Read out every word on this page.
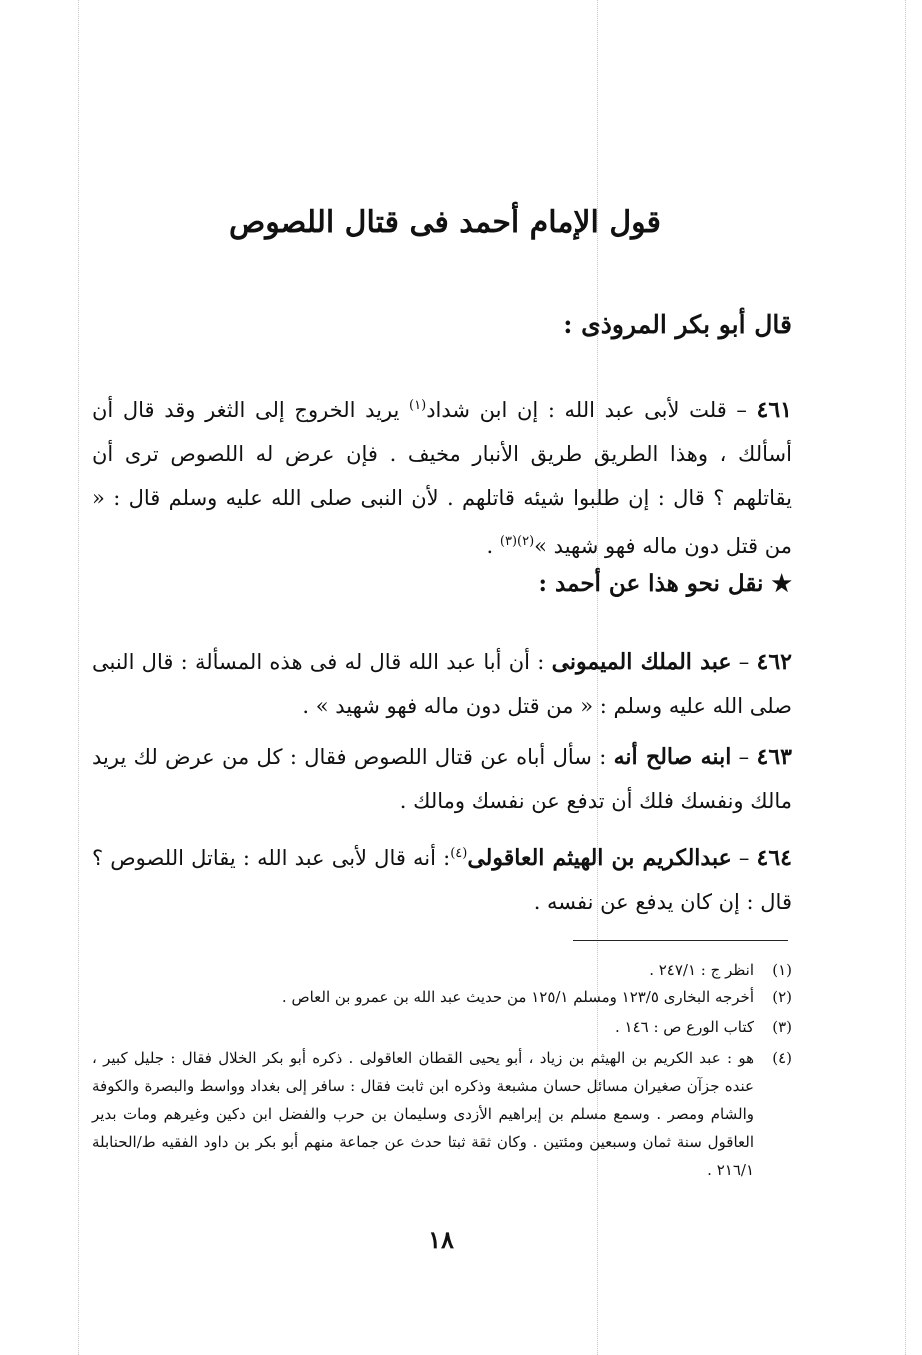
قول الإمام أحمد فى قتال اللصوص
قال أبو بكر المروذى :
٤٦١ – قلت لأبى عبد الله : إن ابن شداد$^{(١)}$ يريد الخروج إلى الثغر وقد قال أن أسألك ، وهذا الطريق طريق الأنبار مخيف . فإن عرض له اللصوص ترى أن يقاتلهم ؟ قال : إن طلبوا شيئه قاتلهم . لأن النبى صلى الله عليه وسلم قال : « من قتل دون ماله فهو شهيد »$^{(٢)(٣)}$ .
★ نقل نحو هذا عن أحمد :
٤٦٢ – عبد الملك الميمونى : أن أبا عبد الله قال له فى هذه المسألة : قال النبى صلى الله عليه وسلم : « من قتل دون ماله فهو شهيد » .
٤٦٣ – ابنه صالح أنه : سأل أباه عن قتال اللصوص فقال : كل من عرض لك يريد مالك ونفسك فلك أن تدفع عن نفسك ومالك .
٤٦٤ – عبدالكريم بن الهيثم العاقولى$^{(٤)}$: أنه قال لأبى عبد الله : يقاتل اللصوص ؟ قال : إن كان يدفع عن نفسه .
(١)
انظر ج : ٢٤٧/١ .
(٢)
أخرجه البخارى ١٢٣/٥ ومسلم ١٢٥/١ من حديث عبد الله بن عمرو بن العاص .
(٣)
كتاب الورع ص : ١٤٦ .
(٤)
هو : عبد الكريم بن الهيثم بن زياد ، أبو يحيى القطان العاقولى . ذكره أبو بكر الخلال فقال : جليل كبير ، عنده جزآن صغيران مسائل حسان مشبعة وذكره ابن ثابت فقال : سافر إلى بغداد وواسط والبصرة والكوفة والشام ومصر . وسمع مسلم بن إبراهيم الأزدى وسليمان بن حرب والفضل ابن دكين وغيرهم ومات بدير العاقول سنة ثمان وسبعين ومئتين . وكان ثقة ثبتا حدث عن جماعة منهم أبو بكر بن داود الفقيه ط/الحنابلة ٢١٦/١ .
١٨
